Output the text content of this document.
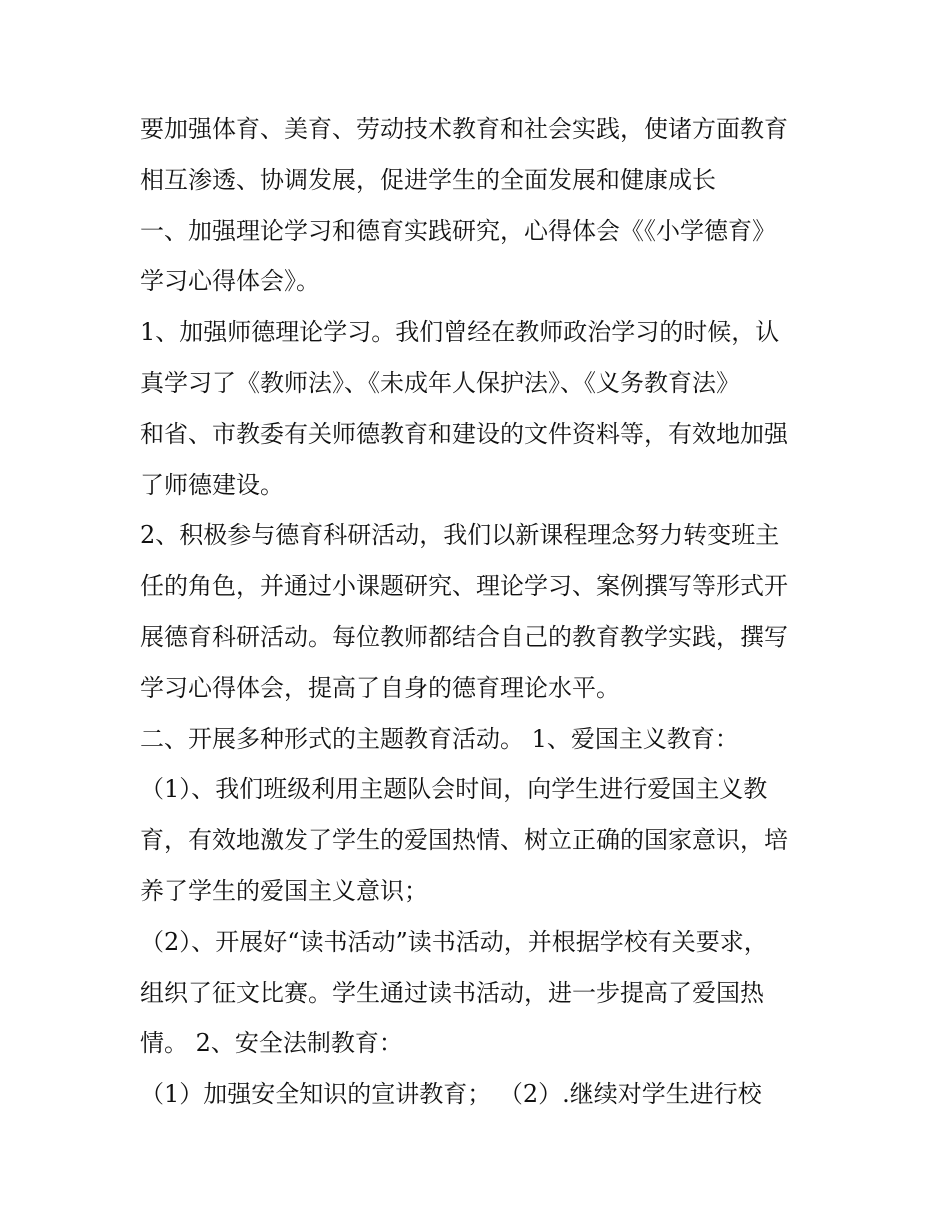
要加强体育、美育、劳动技术教育和社会实践，使诸方面教育
相互渗透、协调发展，促进学生的全面发展和健康成长
一、加强理论学习和德育实践研究，心得体会《《小学德育》
学习心得体会》。
1、加强师德理论学习。我们曾经在教师政治学习的时候，认
真学习了《教师法》、《未成年人保护法》、《义务教育法》
和省、市教委有关师德教育和建设的文件资料等，有效地加强
了师德建设。
2、积极参与德育科研活动，我们以新课程理念努力转变班主
任的角色，并通过小课题研究、理论学习、案例撰写等形式开
展德育科研活动。每位教师都结合自己的教育教学实践，撰写
学习心得体会，提高了自身的德育理论水平。
二、开展多种形式的主题教育活动。 1、爱国主义教育：
（1）、我们班级利用主题队会时间，向学生进行爱国主义教
育，有效地激发了学生的爱国热情、树立正确的国家意识，培
养了学生的爱国主义意识；
（2）、开展好“读书活动”读书活动，并根据学校有关要求，
组织了征文比赛。学生通过读书活动，进一步提高了爱国热
情。 2、安全法制教育：
（1）加强安全知识的宣讲教育； （2）.继续对学生进行校
